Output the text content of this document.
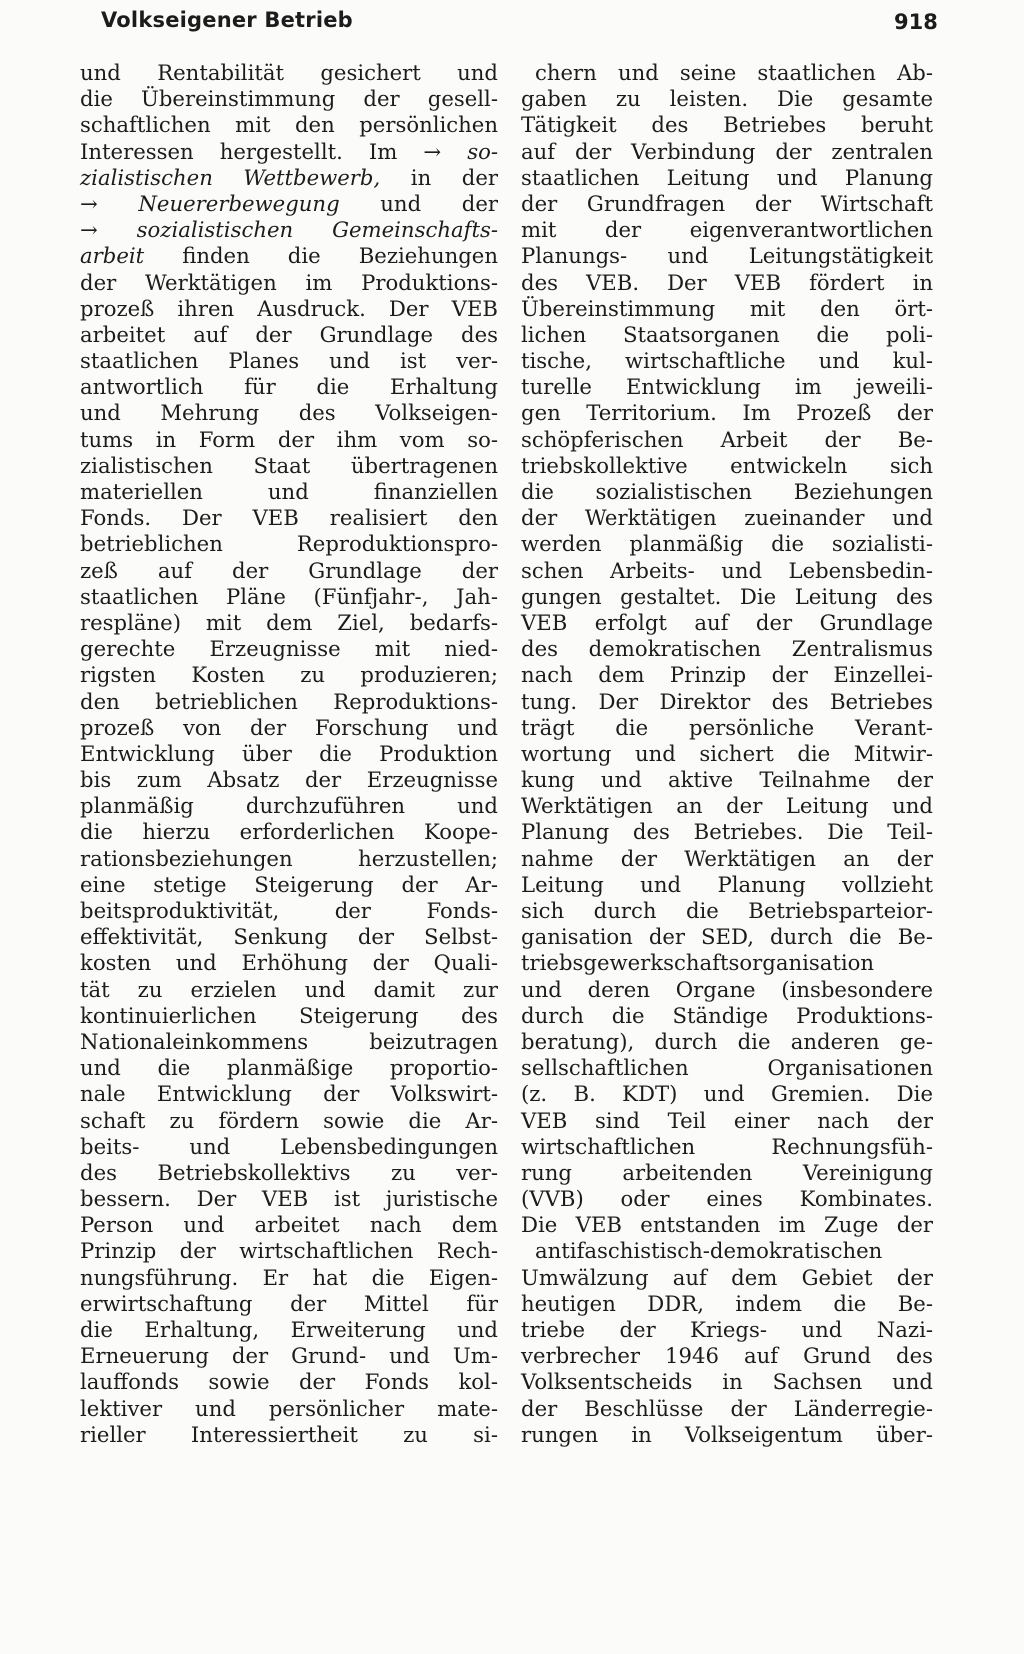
Volkseigener Betrieb	918
und Rentabilität gesichert und
die Übereinstimmung der gesell-
schaftlichen mit den persönlichen
Interessen hergestellt. Im → so-
zialistischen Wettbewerb, in der
→ Neuererbewegung und der
→ sozialistischen Gemeinschafts-
arbeit finden die Beziehungen
der Werktätigen im Produktions-
prozeß ihren Ausdruck. Der VEB
arbeitet auf der Grundlage des
staatlichen Planes und ist ver-
antwortlich für die Erhaltung
und Mehrung des Volkseigen-
tums in Form der ihm vom so-
zialistischen Staat übertragenen
materiellen und finanziellen
Fonds. Der VEB realisiert den
betrieblichen Reproduktionspro-
zeß auf der Grundlage der
staatlichen Pläne (Fünfjahr-, Jah-
respläne) mit dem Ziel, bedarfs-
gerechte Erzeugnisse mit nied-
rigsten Kosten zu produzieren;
den betrieblichen Reproduktions-
prozeß von der Forschung und
Entwicklung über die Produktion
bis zum Absatz der Erzeugnisse
planmäßig durchzuführen und
die hierzu erforderlichen Koope-
rationsbeziehungen herzustellen;
eine stetige Steigerung der Ar-
beitsproduktivität, der Fonds-
effektivität, Senkung der Selbst-
kosten und Erhöhung der Quali-
tät zu erzielen und damit zur
kontinuierlichen Steigerung des
Nationaleinkommens beizutragen
und die planmäßige proportio-
nale Entwicklung der Volkswirt-
schaft zu fördern sowie die Ar-
beits- und Lebensbedingungen
des Betriebskollektivs zu ver-
bessern. Der VEB ist juristische
Person und arbeitet nach dem
Prinzip der wirtschaftlichen Rech-
nungsführung. Er hat die Eigen-
erwirtschaftung der Mittel für
die Erhaltung, Erweiterung und
Erneuerung der Grund- und Um-
lauffonds sowie der Fonds kol-
lektiver und persönlicher mate-
rieller Interessiertheit zu si-
chern und seine staatlichen Ab-
gaben zu leisten. Die gesamte
Tätigkeit des Betriebes beruht
auf der Verbindung der zentralen
staatlichen Leitung und Planung
der Grundfragen der Wirtschaft
mit der eigenverantwortlichen
Planungs- und Leitungstätigkeit
des VEB. Der VEB fördert in
Übereinstimmung mit den ört-
lichen Staatsorganen die poli-
tische, wirtschaftliche und kul-
turelle Entwicklung im jeweili-
gen Territorium. Im Prozeß der
schöpferischen Arbeit der Be-
triebskollektive entwickeln sich
die sozialistischen Beziehungen
der Werktätigen zueinander und
werden planmäßig die sozialisti-
schen Arbeits- und Lebensbedin-
gungen gestaltet. Die Leitung des
VEB erfolgt auf der Grundlage
des demokratischen Zentralismus
nach dem Prinzip der Einzellei-
tung. Der Direktor des Betriebes
trägt die persönliche Verant-
wortung und sichert die Mitwir-
kung und aktive Teilnahme der
Werktätigen an der Leitung und
Planung des Betriebes. Die Teil-
nahme der Werktätigen an der
Leitung und Planung vollzieht
sich durch die Betriebsparteior-
ganisation der SED, durch die Be-
triebsgewerkschaftsorganisation
und deren Organe (insbesondere
durch die Ständige Produktions-
beratung), durch die anderen ge-
sellschaftlichen Organisationen
(z. B. KDT) und Gremien. Die
VEB sind Teil einer nach der
wirtschaftlichen Rechnungsfüh-
rung arbeitenden Vereinigung
(VVB) oder eines Kombinates.
Die VEB entstanden im Zuge der
antifaschistisch-demokratischen
Umwälzung auf dem Gebiet der
heutigen DDR, indem die Be-
triebe der Kriegs- und Nazi-
verbrecher 1946 auf Grund des
Volksentscheids in Sachsen und
der Beschlüsse der Länderregie-
rungen in Volkseigentum über-
